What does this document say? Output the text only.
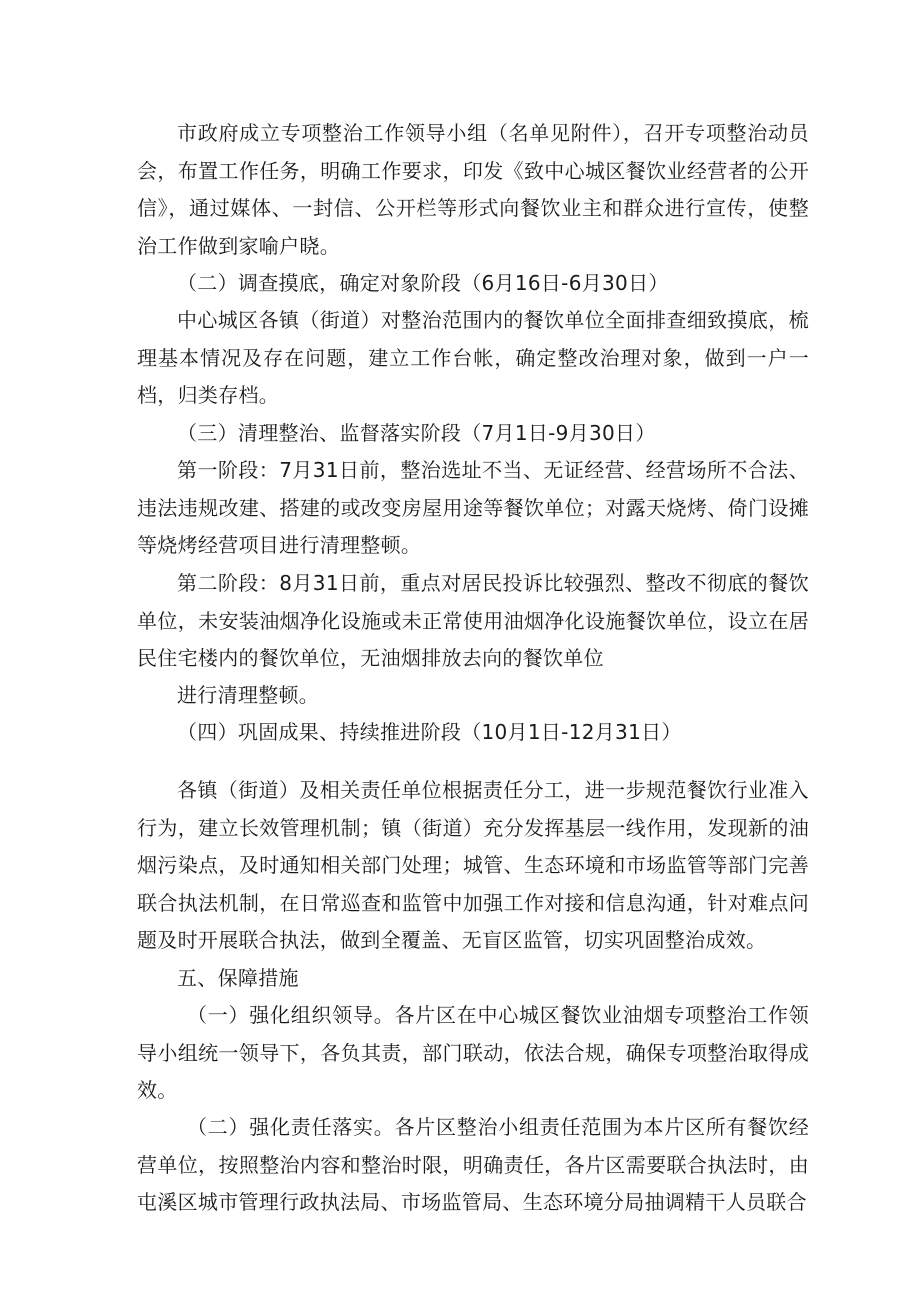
市政府成立专项整治工作领导小组（名单见附件），召开专项整治动员会，布置工作任务，明确工作要求，印发《致中心城区餐饮业经营者的公开信》，通过媒体、一封信、公开栏等形式向餐饮业主和群众进行宣传，使整治工作做到家喻户晓。

（二）调查摸底，确定对象阶段（6月16日-6月30日）

中心城区各镇（街道）对整治范围内的餐饮单位全面排查细致摸底，梳理基本情况及存在问题，建立工作台帐，确定整改治理对象，做到一户一档，归类存档。

（三）清理整治、监督落实阶段（7月1日-9月30日）

第一阶段：7月31日前，整治选址不当、无证经营、经营场所不合法、违法违规改建、搭建的或改变房屋用途等餐饮单位；对露天烧烤、倚门设摊等烧烤经营项目进行清理整顿。

第二阶段：8月31日前，重点对居民投诉比较强烈、整改不彻底的餐饮单位，未安装油烟净化设施或未正常使用油烟净化设施餐饮单位，设立在居民住宅楼内的餐饮单位，无油烟排放去向的餐饮单位

进行清理整顿。

（四）巩固成果、持续推进阶段（10月1日-12月31日）

各镇（街道）及相关责任单位根据责任分工，进一步规范餐饮行业准入行为，建立长效管理机制；镇（街道）充分发挥基层一线作用，发现新的油烟污染点，及时通知相关部门处理；城管、生态环境和市场监管等部门完善联合执法机制，在日常巡查和监管中加强工作对接和信息沟通，针对难点问题及时开展联合执法，做到全覆盖、无盲区监管，切实巩固整治成效。

五、保障措施

（一）强化组织领导。各片区在中心城区餐饮业油烟专项整治工作领导小组统一领导下，各负其责，部门联动，依法合规，确保专项整治取得成效。

（二）强化责任落实。各片区整治小组责任范围为本片区所有餐饮经营单位，按照整治内容和整治时限，明确责任，各片区需要联合执法时，由屯溪区城市管理行政执法局、市场监管局、生态环境分局抽调精干人员联合
